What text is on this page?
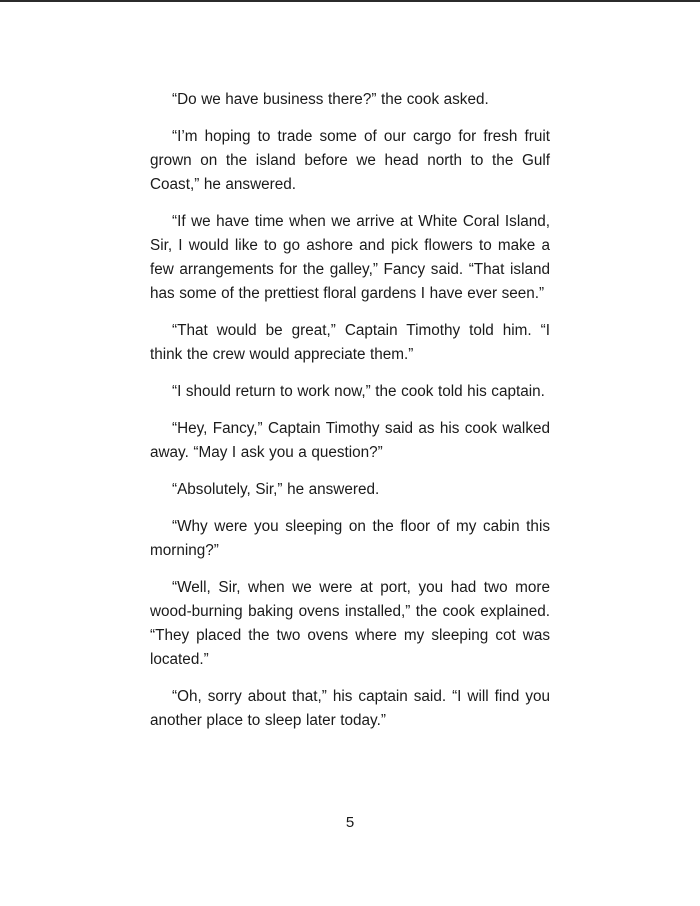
“Do we have business there?” the cook asked.

“I’m hoping to trade some of our cargo for fresh fruit grown on the island before we head north to the Gulf Coast,” he answered.

“If we have time when we arrive at White Coral Island, Sir, I would like to go ashore and pick flowers to make a few arrangements for the galley,” Fancy said. “That island has some of the prettiest floral gardens I have ever seen.”

“That would be great,” Captain Timothy told him. “I think the crew would appreciate them.”

“I should return to work now,” the cook told his captain.

“Hey, Fancy,” Captain Timothy said as his cook walked away. “May I ask you a question?”

“Absolutely, Sir,” he answered.

“Why were you sleeping on the floor of my cabin this morning?”

“Well, Sir, when we were at port, you had two more wood-burning baking ovens installed,” the cook explained. “They placed the two ovens where my sleeping cot was located.”

“Oh, sorry about that,” his captain said. “I will find you another place to sleep later today.”

5
